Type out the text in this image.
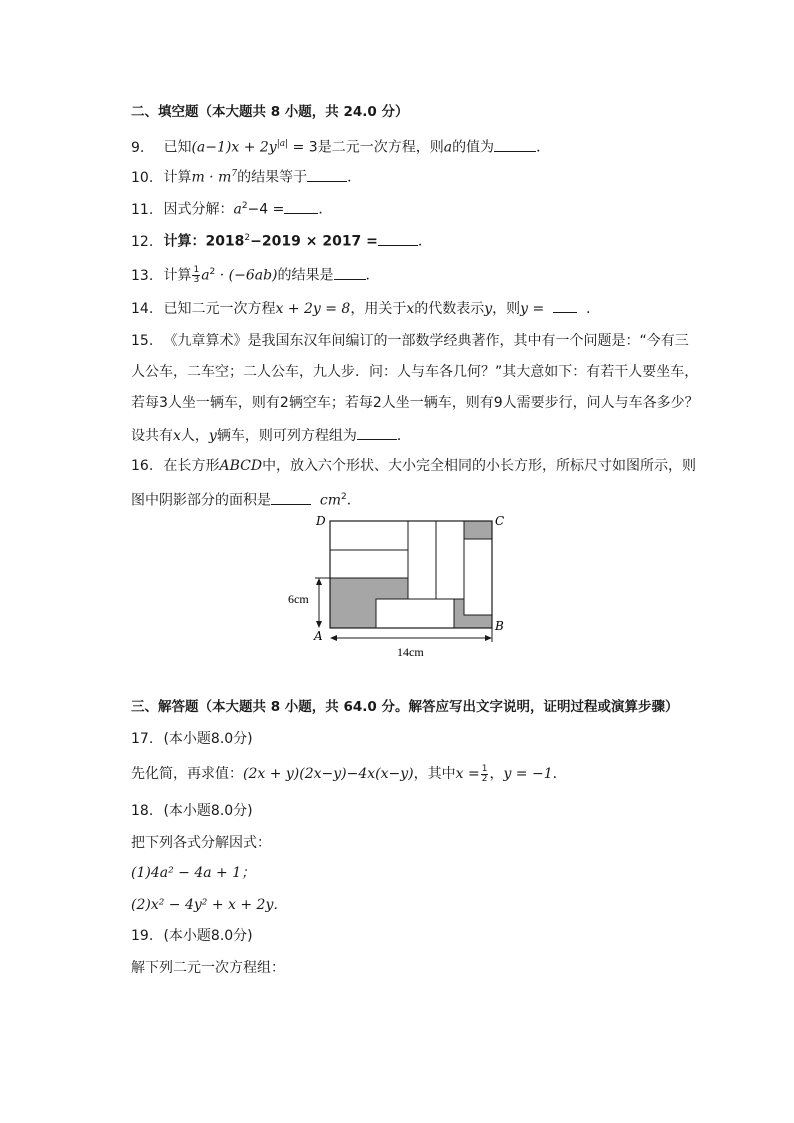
二、填空题（本大题共 8 小题，共 24.0 分）
9. 已知$(a-1)x + 2y^{|a|} = 3$是二元一次方程，则a的值为	．
10. 计算$m \cdot m^7$的结果等于	．
11. 因式分解：$a^2-4$ = ．
12. 计算：$2018^2-2019 \times 2017$ =	．
13. 计算 $\frac{1}{3} a^2 \cdot (-6ab)$的结果是 ．
14. 已知二元一次方程x + 2y = 8，用关于x的代数表示y，则y =	．
15. 《九章算术》是我国东汉年间编订的一部数学经典著作，其中有一个问题是：“今有三
人公车，二车空；二人公车，九人步．问：人与车各几何？”其大意如下：有若干人要坐车，
若每3人坐一辆车，则有2辆空车；若每2人坐一辆车，则有9人需要步行，问人与车各多少？
设共有x人，y辆车，则可列方程组为	．
16. 在长方形ABCD中，放入六个形状、大小完全相同的小长方形，所标尺寸如图所示，则
图中阴影部分的面积是	$cm^2$．
D	C
A
B
6cm
14cm
三、解答题（本大题共 8 小题，共 64.0 分。解答应写出文字说明，证明过程或演算步骤）
17. (本小题8.0分)
先化简，再求值：(2x + y)(2x−y)−4x(x−y)，其中$x = \frac{1}{2}$ ，y = −1．
18. (本小题8.0分)
把下列各式分解因式：
(1)4a² − 4a + 1；
(2)x² − 4y² + x + 2y．
19. (本小题8.0分)
解下列二元一次方程组：
